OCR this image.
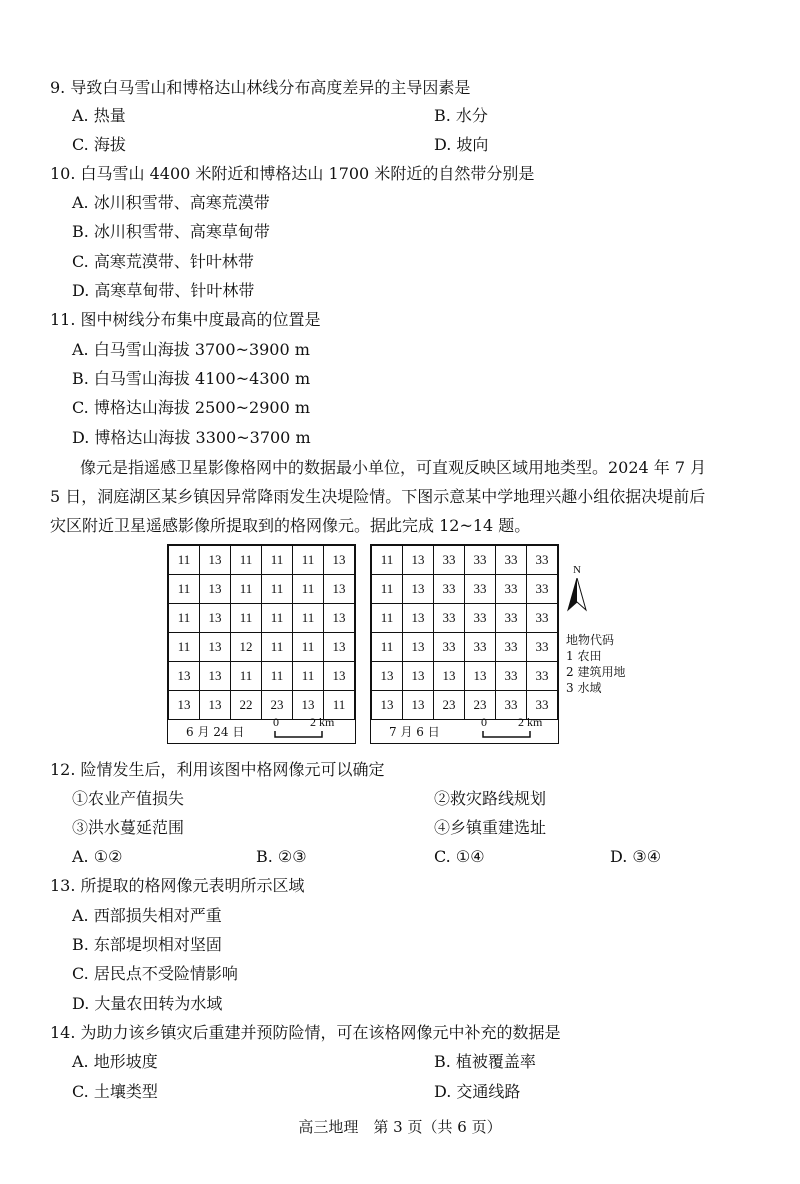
9. 导致白马雪山和博格达山林线分布高度差异的主导因素是
A. 热量	B. 水分
C. 海拔	D. 坡向
10. 白马雪山 4400 米附近和博格达山 1700 米附近的自然带分别是
A. 冰川积雪带、高寒荒漠带
B. 冰川积雪带、高寒草甸带
C. 高寒荒漠带、针叶林带
D. 高寒草甸带、针叶林带
11. 图中树线分布集中度最高的位置是
A. 白马雪山海拔 3700~3900 m
B. 白马雪山海拔 4100~4300 m
C. 博格达山海拔 2500~2900 m
D. 博格达山海拔 3300~3700 m
像元是指遥感卫星影像格网中的数据最小单位，可直观反映区域用地类型。2024 年 7 月
5 日，洞庭湖区某乡镇因异常降雨发生决堤险情。下图示意某中学地理兴趣小组依据决堤前后
灾区附近卫星遥感影像所提取到的格网像元。据此完成 12~14 题。
11	13	11	11	11	13
11	13	11	11	11	13
11	13	11	11	11	13
11	13	12	11	11	13
13	13	11	11	11	13
13	13	22	23	13	11
6 月 24 日
0	2 km
11	13	33	33	33	33
11	13	33	33	33	33
11	13	33	33	33	33
11	13	33	33	33	33
13	13	13	13	33	33
13	13	23	23	33	33
7 月 6 日
0	2 km
N
地物代码
1 农田
2 建筑用地
3 水域
12. 险情发生后，利用该图中格网像元可以确定
①农业产值损失	②救灾路线规划
③洪水蔓延范围	④乡镇重建选址
A. ①②	B. ②③	C. ①④	D. ③④
13. 所提取的格网像元表明所示区域
A. 西部损失相对严重
B. 东部堤坝相对坚固
C. 居民点不受险情影响
D. 大量农田转为水域
14. 为助力该乡镇灾后重建并预防险情，可在该格网像元中补充的数据是
A. 地形坡度	B. 植被覆盖率
C. 土壤类型	D. 交通线路
高三地理　第 3 页（共 6 页）
